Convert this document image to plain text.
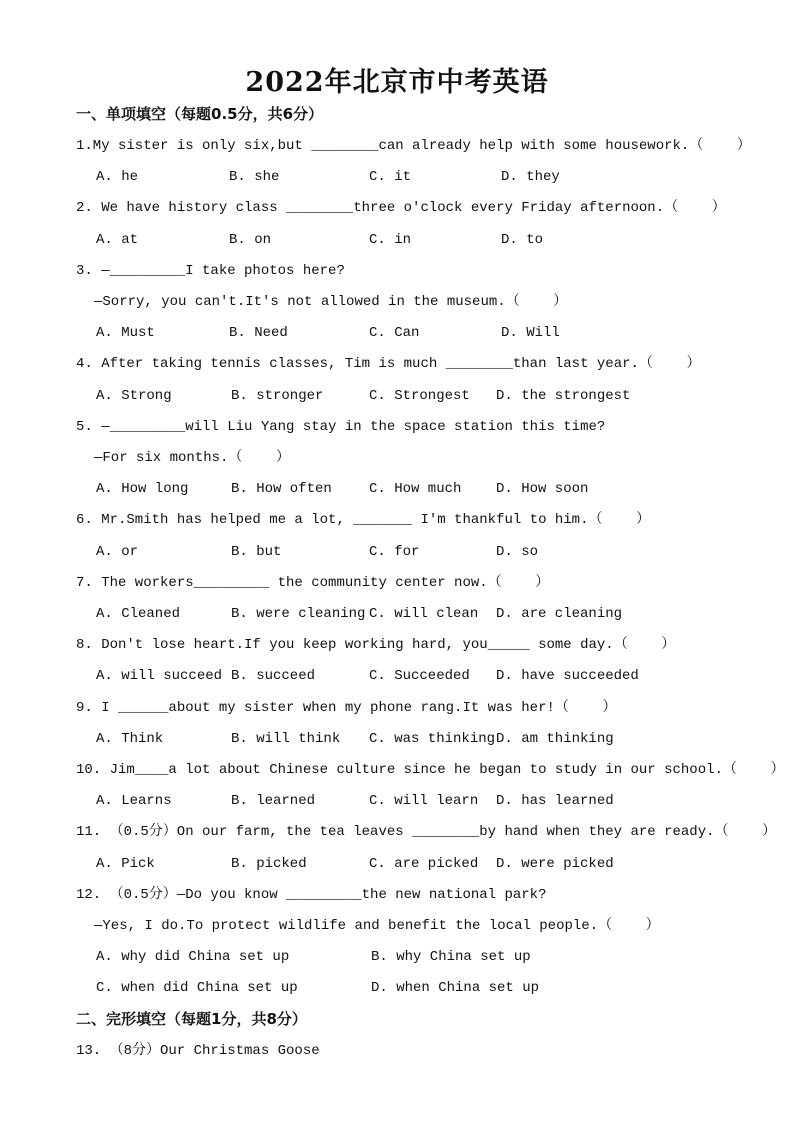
2022年北京市中考英语
一、单项填空（每题0.5分，共6分）
1.My sister is only six,but ________can already help with some housework.（    ）
A. he	B. she	C. it	D. they
2. We have history class ________three o'clock every Friday afternoon.（    ）
A. at	B. on	C. in	D. to
3. —_________I take photos here?
—Sorry, you can't.It's not allowed in the museum.（    ）
A. Must	B. Need	C. Can	D. Will
4. After taking tennis classes, Tim is much ________than last year.（    ）
A. Strong	B. stronger	C. Strongest D. the strongest
5. —_________will Liu Yang stay in the space station this time?
—For six months.（    ）
A. How long	B. How often	C. How much D. How soon
6. Mr.Smith has helped me a lot, _______ I'm thankful to him.（    ）
A. or	B. but	C. for	D. so
7. The workers_________ the community center now.（    ）
A. Cleaned	B. were cleaning C. will clean D. are cleaning
8. Don't lose heart.If you keep working hard, you_____ some day.（    ）
A. will succeed B. succeed	C. Succeeded D. have succeeded
9. I ______about my sister when my phone rang.It was her!（    ）
A. Think	B. will think C. was thinking D. am thinking
10. Jim____a lot about Chinese culture since he began to study in our school.（    ）
A. Learns	B. learned	C. will learn D. has learned
11. （0.5分）On our farm, the tea leaves ________by hand when they are ready.（    ）
A. Pick	B. picked	C. are picked D. were picked
12. （0.5分）—Do you know _________the new national park?
—Yes, I do.To protect wildlife and benefit the local people.（    ）
A. why did China set up	B. why China set up
C. when did China set up	D. when China set up
二、完形填空（每题1分，共8分）
13. （8分）Our Christmas Goose
